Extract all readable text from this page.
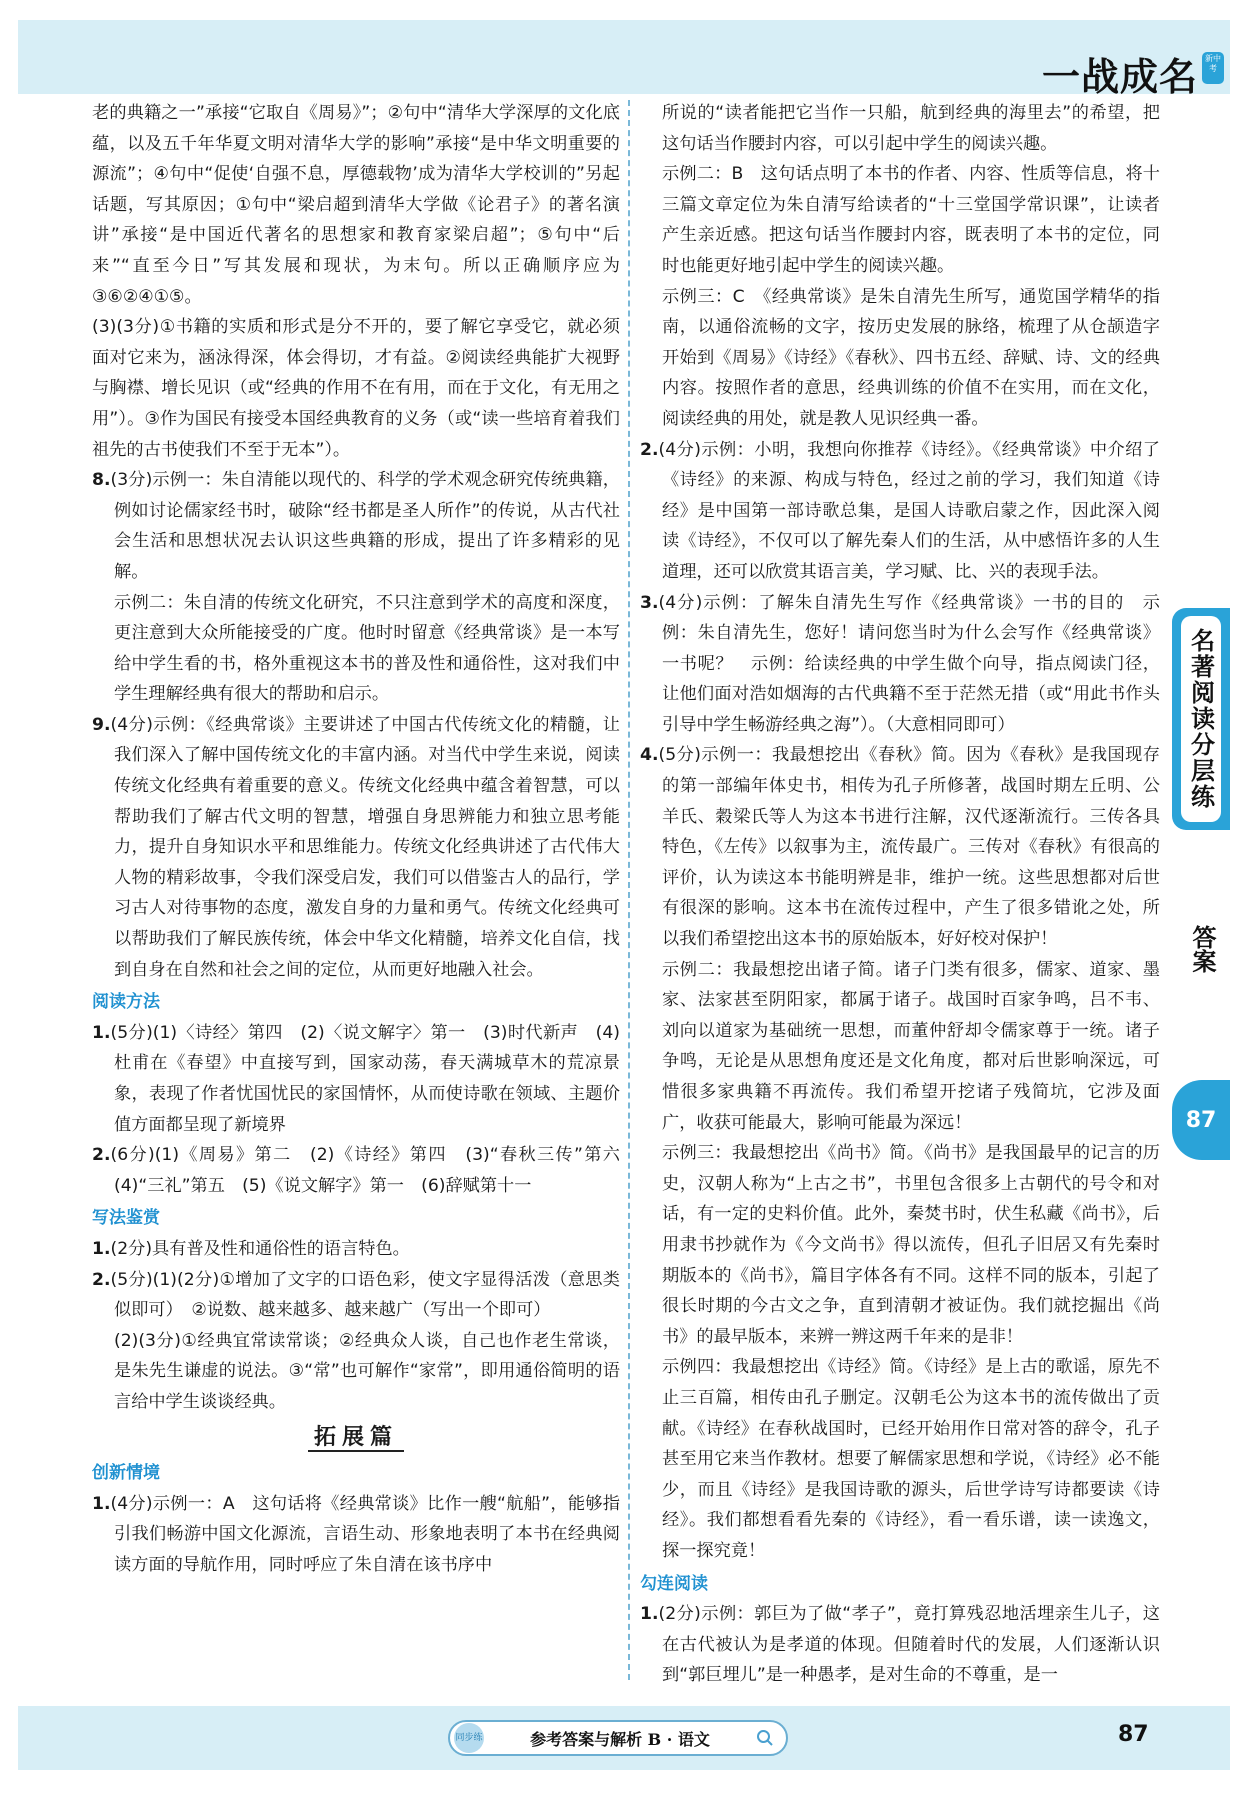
一战成名 新中考

老的典籍之一”承接“它取自《周易》”；②句中“清华大学深厚的文化底蕴，以及五千年华夏文明对清华大学的影响”承接“是中华文明重要的源流”；④句中“促使‘自强不息，厚德载物’成为清华大学校训的”另起话题，写其原因；①句中“梁启超到清华大学做《论君子》的著名演讲”承接“是中国近代著名的思想家和教育家梁启超”；⑤句中“后来”“直至今日”写其发展和现状，为末句。所以正确顺序应为③⑥②④①⑤。

(3)(3分)①书籍的实质和形式是分不开的，要了解它享受它，就必须面对它来为，涵泳得深，体会得切，才有益。②阅读经典能扩大视野与胸襟、增长见识（或“经典的作用不在有用，而在于文化，有无用之用”）。③作为国民有接受本国经典教育的义务（或“读一些培育着我们祖先的古书使我们不至于无本”）。

8.(3分)示例一：朱自清能以现代的、科学的学术观念研究传统典籍，例如讨论儒家经书时，破除“经书都是圣人所作”的传说，从古代社会生活和思想状况去认识这些典籍的形成，提出了许多精彩的见解。

示例二：朱自清的传统文化研究，不只注意到学术的高度和深度，更注意到大众所能接受的广度。他时时留意《经典常谈》是一本写给中学生看的书，格外重视这本书的普及性和通俗性，这对我们中学生理解经典有很大的帮助和启示。

9.(4分)示例：《经典常谈》主要讲述了中国古代传统文化的精髓，让我们深入了解中国传统文化的丰富内涵。对当代中学生来说，阅读传统文化经典有着重要的意义。传统文化经典中蕴含着智慧，可以帮助我们了解古代文明的智慧，增强自身思辨能力和独立思考能力，提升自身知识水平和思维能力。传统文化经典讲述了古代伟大人物的精彩故事，令我们深受启发，我们可以借鉴古人的品行，学习古人对待事物的态度，激发自身的力量和勇气。传统文化经典可以帮助我们了解民族传统，体会中华文化精髓，培养文化自信，找到自身在自然和社会之间的定位，从而更好地融入社会。

阅读方法

1.(5分)(1)〈诗经〉第四　(2)〈说文解字〉第一　(3)时代新声　(4)杜甫在《春望》中直接写到，国家动荡，春天满城草木的荒凉景象，表现了作者忧国忧民的家国情怀，从而使诗歌在领域、主题价值方面都呈现了新境界

2.(6分)(1)《周易》第二　(2)《诗经》第四　(3)“春秋三传”第六　(4)“三礼”第五　(5)《说文解字》第一　(6)辞赋第十一

写法鉴赏

1.(2分)具有普及性和通俗性的语言特色。

2.(5分)(1)(2分)①增加了文字的口语色彩，使文字显得活泼（意思类似即可）　②说数、越来越多、越来越广（写出一个即可）

(2)(3分)①经典宜常读常谈；②经典众人谈，自己也作老生常谈，是朱先生谦虚的说法。③“常”也可解作“家常”，即用通俗简明的语言给中学生谈谈经典。

拓展篇

创新情境

1.(4分)示例一：A　这句话将《经典常谈》比作一艘“航船”，能够指引我们畅游中国文化源流，言语生动、形象地表明了本书在经典阅读方面的导航作用，同时呼应了朱自清在该书序中

所说的“读者能把它当作一只船，航到经典的海里去”的希望，把这句话当作腰封内容，可以引起中学生的阅读兴趣。

示例二：B　这句话点明了本书的作者、内容、性质等信息，将十三篇文章定位为朱自清写给读者的“十三堂国学常识课”，让读者产生亲近感。把这句话当作腰封内容，既表明了本书的定位，同时也能更好地引起中学生的阅读兴趣。

示例三：C　《经典常谈》是朱自清先生所写，通览国学精华的指南，以通俗流畅的文字，按历史发展的脉络，梳理了从仓颉造字开始到《周易》《诗经》《春秋》、四书五经、辞赋、诗、文的经典内容。按照作者的意思，经典训练的价值不在实用，而在文化，阅读经典的用处，就是教人见识经典一番。

2.(4分)示例：小明，我想向你推荐《诗经》。《经典常谈》中介绍了《诗经》的来源、构成与特色，经过之前的学习，我们知道《诗经》是中国第一部诗歌总集，是国人诗歌启蒙之作，因此深入阅读《诗经》，不仅可以了解先秦人们的生活，从中感悟许多的人生道理，还可以欣赏其语言美，学习赋、比、兴的表现手法。

3.(4分)示例：了解朱自清先生写作《经典常谈》一书的目的　示例：朱自清先生，您好！请问您当时为什么会写作《经典常谈》一书呢？　示例：给读经典的中学生做个向导，指点阅读门径，让他们面对浩如烟海的古代典籍不至于茫然无措（或“用此书作头引导中学生畅游经典之海”）。（大意相同即可）

4.(5分)示例一：我最想挖出《春秋》简。因为《春秋》是我国现存的第一部编年体史书，相传为孔子所修著，战国时期左丘明、公羊氏、穀梁氏等人为这本书进行注解，汉代逐渐流行。三传各具特色，《左传》以叙事为主，流传最广。三传对《春秋》有很高的评价，认为读这本书能明辨是非，维护一统。这些思想都对后世有很深的影响。这本书在流传过程中，产生了很多错讹之处，所以我们希望挖出这本书的原始版本，好好校对保护！

示例二：我最想挖出诸子简。诸子门类有很多，儒家、道家、墨家、法家甚至阴阳家，都属于诸子。战国时百家争鸣，吕不韦、刘向以道家为基础统一思想，而董仲舒却令儒家尊于一统。诸子争鸣，无论是从思想角度还是文化角度，都对后世影响深远，可惜很多家典籍不再流传。我们希望开挖诸子残简坑，它涉及面广，收获可能最大，影响可能最为深远！

示例三：我最想挖出《尚书》简。《尚书》是我国最早的记言的历史，汉朝人称为“上古之书”，书里包含很多上古朝代的号令和对话，有一定的史料价值。此外，秦焚书时，伏生私藏《尚书》，后用隶书抄就作为《今文尚书》得以流传，但孔子旧居又有先秦时期版本的《尚书》，篇目字体各有不同。这样不同的版本，引起了很长时期的今古文之争，直到清朝才被证伪。我们就挖掘出《尚书》的最早版本，来辨一辨这两千年来的是非！

示例四：我最想挖出《诗经》简。《诗经》是上古的歌谣，原先不止三百篇，相传由孔子删定。汉朝毛公为这本书的流传做出了贡献。《诗经》在春秋战国时，已经开始用作日常对答的辞令，孔子甚至用它来当作教材。想要了解儒家思想和学说，《诗经》必不能少，而且《诗经》是我国诗歌的源头，后世学诗写诗都要读《诗经》。我们都想看看先秦的《诗经》，看一看乐谱，读一读逸文，探一探究竟！

勾连阅读

1.(2分)示例：郭巨为了做“孝子”，竟打算残忍地活埋亲生儿子，这在古代被认为是孝道的体现。但随着时代的发展，人们逐渐认识到“郭巨埋儿”是一种愚孝，是对生命的不尊重，是一

名著阅读分层练
答案
87
同步练	参考答案与解析 B · 语文	87
